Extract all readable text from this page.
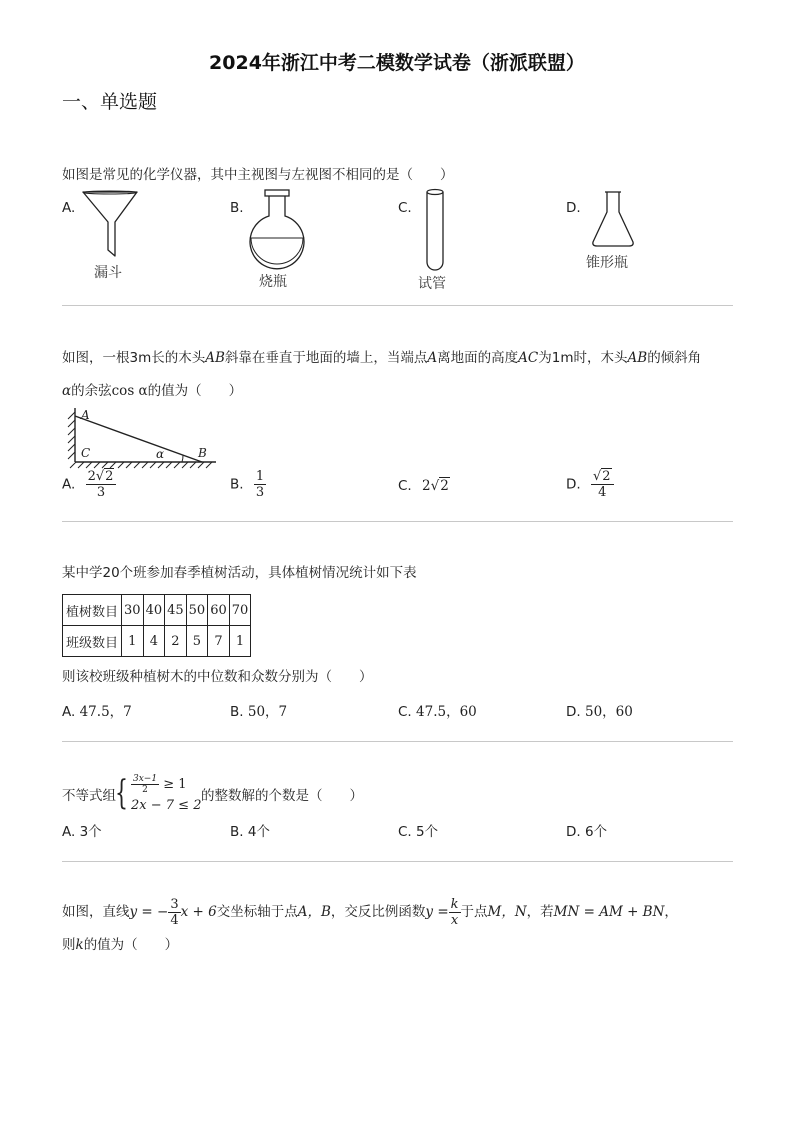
2024年浙江中考二模数学试卷（浙派联盟）
一、单选题
如图是常见的化学仪器，其中主视图与左视图不相同的是（　　）
A.
漏斗
B.
烧瓶
C.
试管
D.
锥形瓶
如图，一根3m长的木头AB斜靠在垂直于地面的墙上，当端点A离地面的高度AC为1m时，木头AB的倾斜角
α的余弦cos α的值为（　　）
A
C	B
α
A. $\frac{2√2}{3}$	B. $\frac{1}{3}$	C. 2√2	D. $\frac{√2}{4}$
某中学20个班参加春季植树活动，具体植树情况统计如下表
植树数目	30	40	45	50	60	70
班级数目	1	4	2	5	7	1
则该校班级种植树木的中位数和众数分别为（　　）
A. 47.5，7	B. 50，7	C. 47.5，60	D. 50，60
不等式组 { $\frac{3x-1}{2} \ge 1$
2x − 7 ≤ 2
的整数解的个数是（　　）
A. 3个	B. 4个	C. 5个	D. 6个
如图，直线y = − $\frac{3}{4}$ x + 6交坐标轴于点A，B，交反比例函数$y = \frac{k}{x}$ 于点M，N，若MN = AM + BN，
则k的值为（　　）
